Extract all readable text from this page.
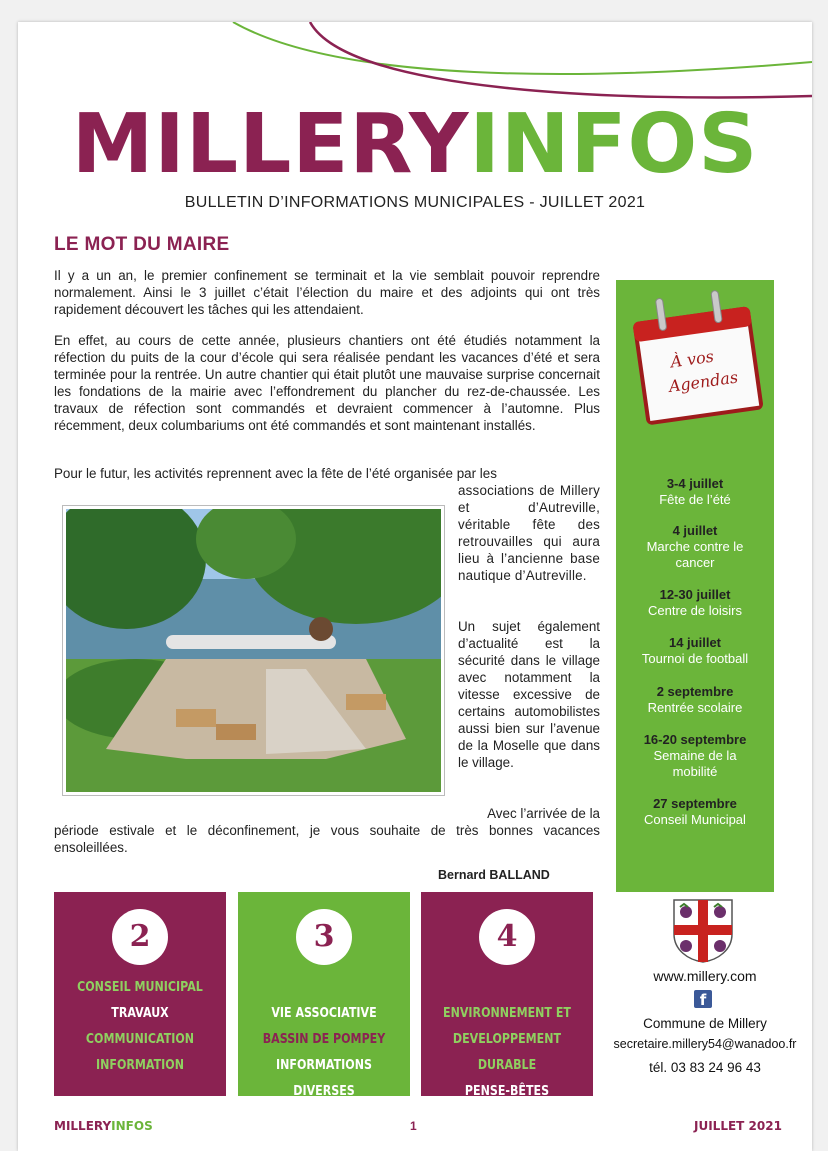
MILLERYINFOS
BULLETIN D’INFORMATIONS MUNICIPALES - JUILLET 2021
LE MOT DU MAIRE

Il y a un an, le premier confinement se terminait et la vie semblait pouvoir reprendre normalement. Ainsi le 3 juillet c’était l’élection du maire et des adjoints qui ont très rapidement découvert les tâches qui les attendaient.

En effet, au cours de cette année, plusieurs chantiers ont été étudiés notamment la réfection du puits de la cour d’école qui sera réalisée pendant les vacances d’été et sera terminée pour la rentrée. Un autre chantier qui était plutôt une mauvaise surprise concernait les fondations de la mairie avec l’effondrement du plancher du rez-de-chaussée. Les travaux de réfection sont commandés et devraient commencer à l’automne. Plus récemment, deux columbariums ont été commandés et sont maintenant installés.

Pour le futur, les activités reprennent avec la fête de l’été organisée par les

associations de Millery et d’Autreville, véritable fête des retrouvailles qui aura lieu à l’ancienne base nautique d’Autreville.

Un sujet également d’actualité est la sécurité dans le village avec notamment la vitesse excessive de certains automobilistes aussi bien sur l’avenue de la Moselle que dans le village.

Avec l’arrivée de la

période estivale et le déconfinement, je vous souhaite de très bonnes vacances ensoleillées.

Bernard BALLAND
À vos
Agendas
3-4 juillet
Fête de l’été
4 juillet
Marche contre le cancer
12-30 juillet
Centre de loisirs
14 juillet
Tournoi de football
2 septembre
Rentrée scolaire
16-20 septembre
Semaine de la mobilité
27 septembre
Conseil Municipal
2
CONSEIL MUNICIPAL
TRAVAUX
COMMUNICATION
INFORMATION
3
VIE ASSOCIATIVE
BASSIN DE POMPEY
INFORMATIONS DIVERSES
4
ENVIRONNEMENT ET
DEVELOPPEMENT DURABLE
PENSE-BÊTES
www.millery.com
f
Commune de Millery
secretaire.millery54@wanadoo.fr
tél. 03 83 24 96 43
MILLERYINFOS	1	JUILLET 2021
